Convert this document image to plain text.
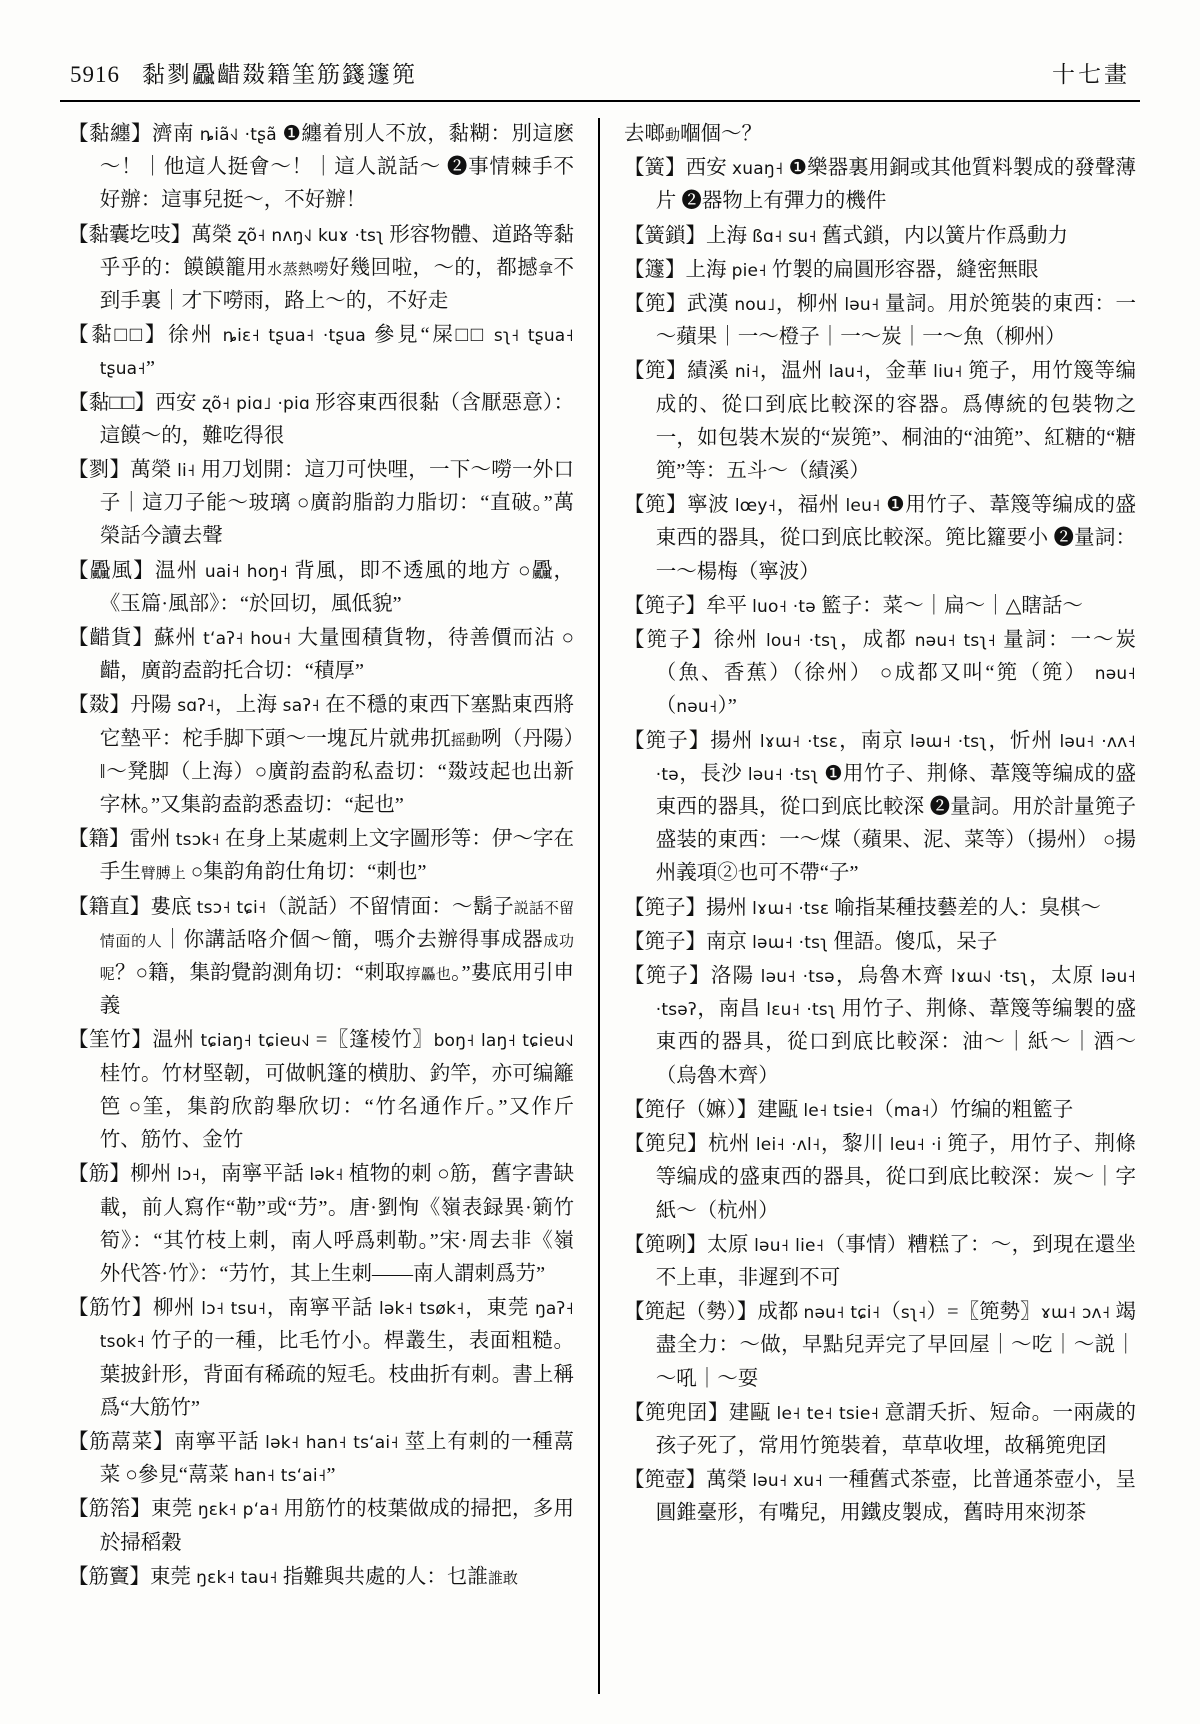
5916 黏剹飍齰敠籍筀筋籛籧篼	十七畫
【黏纏】濟南 ȵiã˧˩ ·tʂã ❶纏着別人不放，黏糊：別這麽～！｜他這人挺會～！｜這人説話～ ❷事情棘手不好辦：這事兒挺～，不好辦！
【黏囊圪吱】萬榮 ʐõ˧ nʌŋ˧˩ kuɤ ·tsʅ 形容物體、道路等黏乎乎的：饃饃籠用水蒸熱嘮好幾回啦，～的，都撼拿不到手裏｜才下嘮雨，路上～的，不好走
【黏□□】徐州 ȵiɛ˧ tʂua˧ ·tʂua 參見“屎□□ sʅ˧ tʂua˧ tʂua˧”
【黏□□】西安 ʐõ˧ piɑ˩ ·piɑ 形容東西很黏（含厭惡意）：這饃～的，難吃得很
【剹】萬榮 li˧ 用刀划開：這刀可快哩，一下～嘮一外口子｜這刀子能～玻璃 ○廣韵脂韵力脂切：“直破。”萬榮話今讀去聲
【飍風】温州 uai˧ hoŋ˧ 背風，即不透風的地方 ○飍，《玉篇·風部》：“於回切，風低貌”
【齰貨】蘇州 tʻaʔ˧ hou˧ 大量囤積貨物，待善價而沾 ○齰，廣韵盍韵托合切：“積厚”
【敠】丹陽 sɑʔ˧，上海 saʔ˧ 在不穩的東西下塞點東西將它墊平：柁手脚下頭～一塊瓦片就弗扤摇動咧（丹陽）‖～凳脚（上海）○廣韵盍韵私盍切：“敠攱起也出新字林。”又集韵盍韵悉盍切：“起也”
【籍】雷州 tsɔk˧ 在身上某處刺上文字圖形等：伊～字在手生臂膊上 ○集韵角韵仕角切：“刺也”
【籍直】婁底 tsɔ˧ tɕi˧（説話）不留情面：～鬍子説話不留情面的人｜你講話咯介個～簡，嗎介去辦得事成器成功呢？○籍，集韵覺韵測角切：“刺取㨃厵也。”婁底用引申義
【筀竹】温州 tɕiaŋ˧ tɕieu˧˩ =〖篷棱竹〗boŋ˧ laŋ˧ tɕieu˧˩ 桂竹。竹材堅韌，可做帆篷的横肋、釣竿，亦可编籬笆 ○筀，集韵欣韵舉欣切：“竹名通作斤。”又作斤竹、筋竹、金竹
【筋】柳州 lɔ˧，南寧平話 lək˧ 植物的刺 ○筋，舊字書缺載，前人寫作“勒”或“芀”。唐·劉恂《嶺表録異·箣竹筍》：“其竹枝上刺，南人呼爲剌勒。”宋·周去非《嶺外代答·竹》：“芀竹，其上生刺——南人謂刺爲芀”
【筋竹】柳州 lɔ˧ tsu˧，南寧平話 lək˧ tsøk˧，東莞 ŋaʔ˧ tsok˧ 竹子的一種，比毛竹小。桿叢生，表面粗糙。葉披針形，背面有稀疏的短毛。枝曲折有刺。書上稱爲“大筋竹”
【筋蒚菜】南寧平話 lək˧ han˧ tsʻai˧ 莖上有刺的一種蒚菜 ○參見“蒚菜 han˧ tsʻai˧”
【筋箈】東莞 ŋɛk˧ pʻa˧ 用筋竹的枝葉做成的掃把，多用於掃稻穀
【筋竇】東莞 ŋɛk˧ tau˧ 指難與共處的人：乜誰誰敢
去啷動嗰個～？
【簧】西安 xuaŋ˧ ❶樂器裏用銅或其他質料製成的發聲薄片 ❷器物上有彈力的機件
【簧鎖】上海 ßɑ˧ su˧ 舊式鎖，内以簧片作爲動力
【籧】上海 pie˧ 竹製的扁圓形容器，縫密無眼
【篼】武漢 nou˩，柳州 ləu˧ 量詞。用於篼裝的東西：一～蘋果｜一～橙子｜一～炭｜一～魚（柳州）
【篼】績溪 ni˧，温州 lau˧，金華 liu˧ 篼子，用竹篾等编成的、從口到底比較深的容器。爲傳統的包裝物之一，如包裝木炭的“炭篼”、桐油的“油篼”、紅糖的“糖篼”等：五斗～（績溪）
【篼】寧波 lœy˧，福州 leu˧ ❶用竹子、葦篾等编成的盛東西的器具，從口到底比較深。篼比籮要小 ❷量詞：一～楊梅（寧波）
【篼子】牟平 luo˧ ·tə 籃子：菜～｜扁～｜△瞎話～
【篼子】徐州 lou˧ ·tsʅ，成都 nəu˧ tsʅ˧ 量詞：一～炭（魚、香蕉）（徐州） ○成都又叫“篼（篼） nəu˧（nəu˧）”
【篼子】揚州 lɤɯ˧ ·tsɛ，南京 ləɯ˧ ·tsʅ，忻州 ləu˧ ·ʌʌ˧ ·tə，長沙 ləu˧ ·tsʅ ❶用竹子、荆條、葦篾等编成的盛東西的器具，從口到底比較深 ❷量詞。用於計量篼子盛装的東西：一～煤（蘋果、泥、菜等）（揚州） ○揚州義項②也可不帶“子”
【篼子】揚州 lɤɯ˧ ·tsɛ 喻指某種技藝差的人：臭棋～
【篼子】南京 ləɯ˧ ·tsʅ 俚語。傻瓜，呆子
【篼子】洛陽 ləu˧ ·tsə，烏魯木齊 lɤɯ˧˩ ·tsʅ，太原 ləu˧ ·tsəʔ，南昌 lɛu˧ ·tsʅ 用竹子、荆條、葦篾等编製的盛東西的器具，從口到底比較深：油～｜紙～｜酒～（烏魯木齊）
【篼仔（嫲）】建甌 le˧ tsie˧（ma˧）竹编的粗籃子
【篼兒】杭州 lei˧ ·ʌl˧，黎川 leu˧ ·i 篼子，用竹子、荆條等编成的盛東西的器具，從口到底比較深：炭～｜字紙～（杭州）
【篼咧】太原 ləu˧ lie˧（事情）糟糕了：～，到現在還坐不上車，非遲到不可
【篼起（勢）】成都 nəu˧ tɕi˧（sʅ˧）=〖篼勢〗ɤɯ˧ ɔʌ˧ 竭盡全力：～做，早點兒弄完了早回屋｜～吃｜～説｜～吼｜～耍
【篼兜囝】建甌 le˧ te˧ tsie˧ 意謂夭折、短命。一兩歲的孩子死了，常用竹篼裝着，草草收埋，故稱篼兜囝
【篼壺】萬榮 ləu˧ xu˧ 一種舊式茶壺，比普通茶壺小，呈圓錐臺形，有嘴兒，用鐵皮製成，舊時用來沏茶
